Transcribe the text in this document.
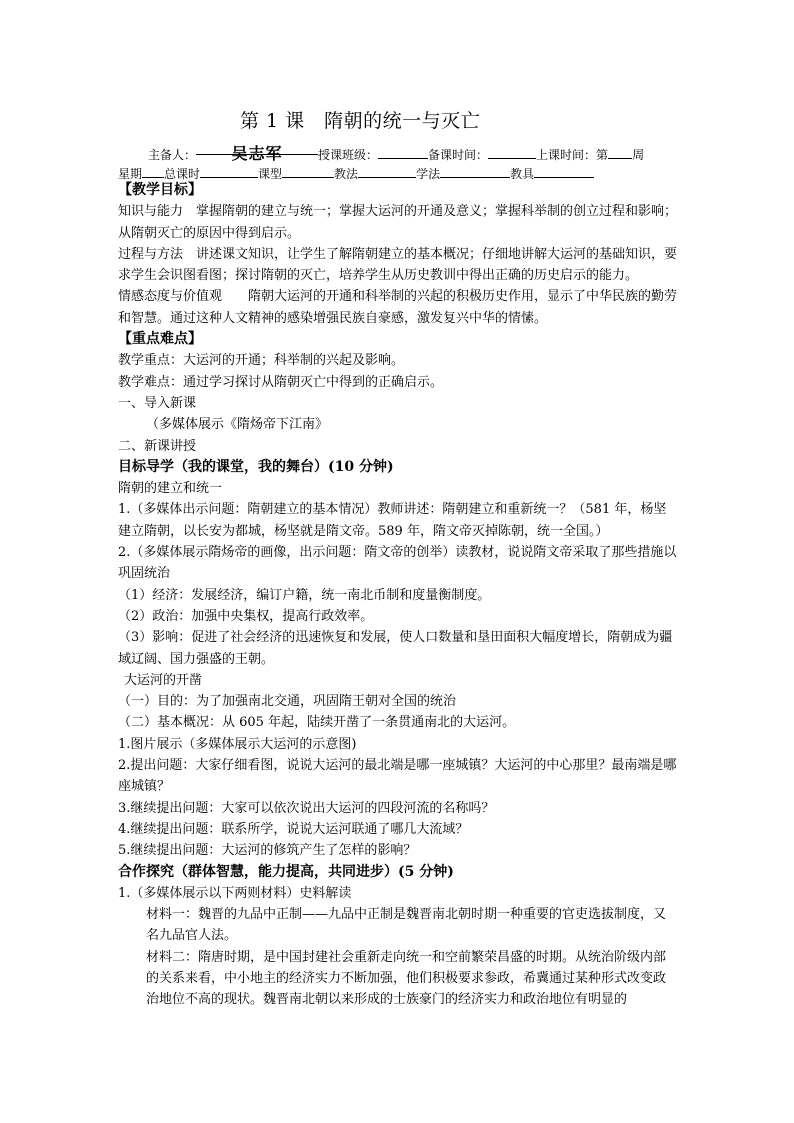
第 1 课　隋朝的统一与灭亡
主备人： 吴志军	授课班级：	备课时间：	上课时间：第 周
星期 总课时	课型	教法	学法	教具

【教学目标】

知识与能力　掌握隋朝的建立与统一；掌握大运河的开通及意义；掌握科举制的创立过程和影响；从隋朝灭亡的原因中得到启示。

过程与方法　讲述课文知识，让学生了解隋朝建立的基本概况；仔细地讲解大运河的基础知识，要求学生会识图看图；探讨隋朝的灭亡，培养学生从历史教训中得出正确的历史启示的能力。

情感态度与价值观　　隋朝大运河的开通和科举制的兴起的积极历史作用，显示了中华民族的勤劳和智慧。通过这种人文精神的感染增强民族自豪感，激发复兴中华的情愫。

【重点难点】

教学重点：大运河的开通；科举制的兴起及影响。

教学难点：通过学习探讨从隋朝灭亡中得到的正确启示。

一、导入新课

（多媒体展示《隋炀帝下江南》

二、新课讲授

目标导学（我的课堂，我的舞台）(10 分钟)

隋朝的建立和统一

1.（多媒体出示问题：隋朝建立的基本情况）教师讲述：隋朝建立和重新统一？（581 年，杨坚建立隋朝，以长安为都城，杨坚就是隋文帝。589 年，隋文帝灭掉陈朝，统一全国。）

2.（多媒体展示隋炀帝的画像，出示问题：隋文帝的创举）读教材，说说隋文帝采取了那些措施以巩固统治

（1）经济：发展经济，编订户籍，统一南北币制和度量衡制度。

（2）政治：加强中央集权，提高行政效率。

（3）影响：促进了社会经济的迅速恢复和发展，使人口数量和垦田面积大幅度增长，隋朝成为疆域辽阔、国力强盛的王朝。

大运河的开凿

（一）目的：为了加强南北交通，巩固隋王朝对全国的统治

（二）基本概况：从 605 年起，陆续开凿了一条贯通南北的大运河。

1.图片展示（多媒体展示大运河的示意图)

2.提出问题：大家仔细看图，说说大运河的最北端是哪一座城镇？大运河的中心那里？最南端是哪座城镇？

3.继续提出问题：大家可以依次说出大运河的四段河流的名称吗？

4.继续提出问题：联系所学，说说大运河联通了哪几大流域？

5.继续提出问题：大运河的修筑产生了怎样的影响？

合作探究（群体智慧，能力提高，共同进步）(5 分钟)

1.（多媒体展示以下两则材料）史料解读

材料一：魏晋的九品中正制——九品中正制是魏晋南北朝时期一种重要的官吏选拔制度，又名九品官人法。

材料二：隋唐时期，是中国封建社会重新走向统一和空前繁荣昌盛的时期。从统治阶级内部的关系来看，中小地主的经济实力不断加强，他们积极要求参政，希冀通过某种形式改变政治地位不高的现状。魏晋南北朝以来形成的士族豪门的经济实力和政治地位有明显的
